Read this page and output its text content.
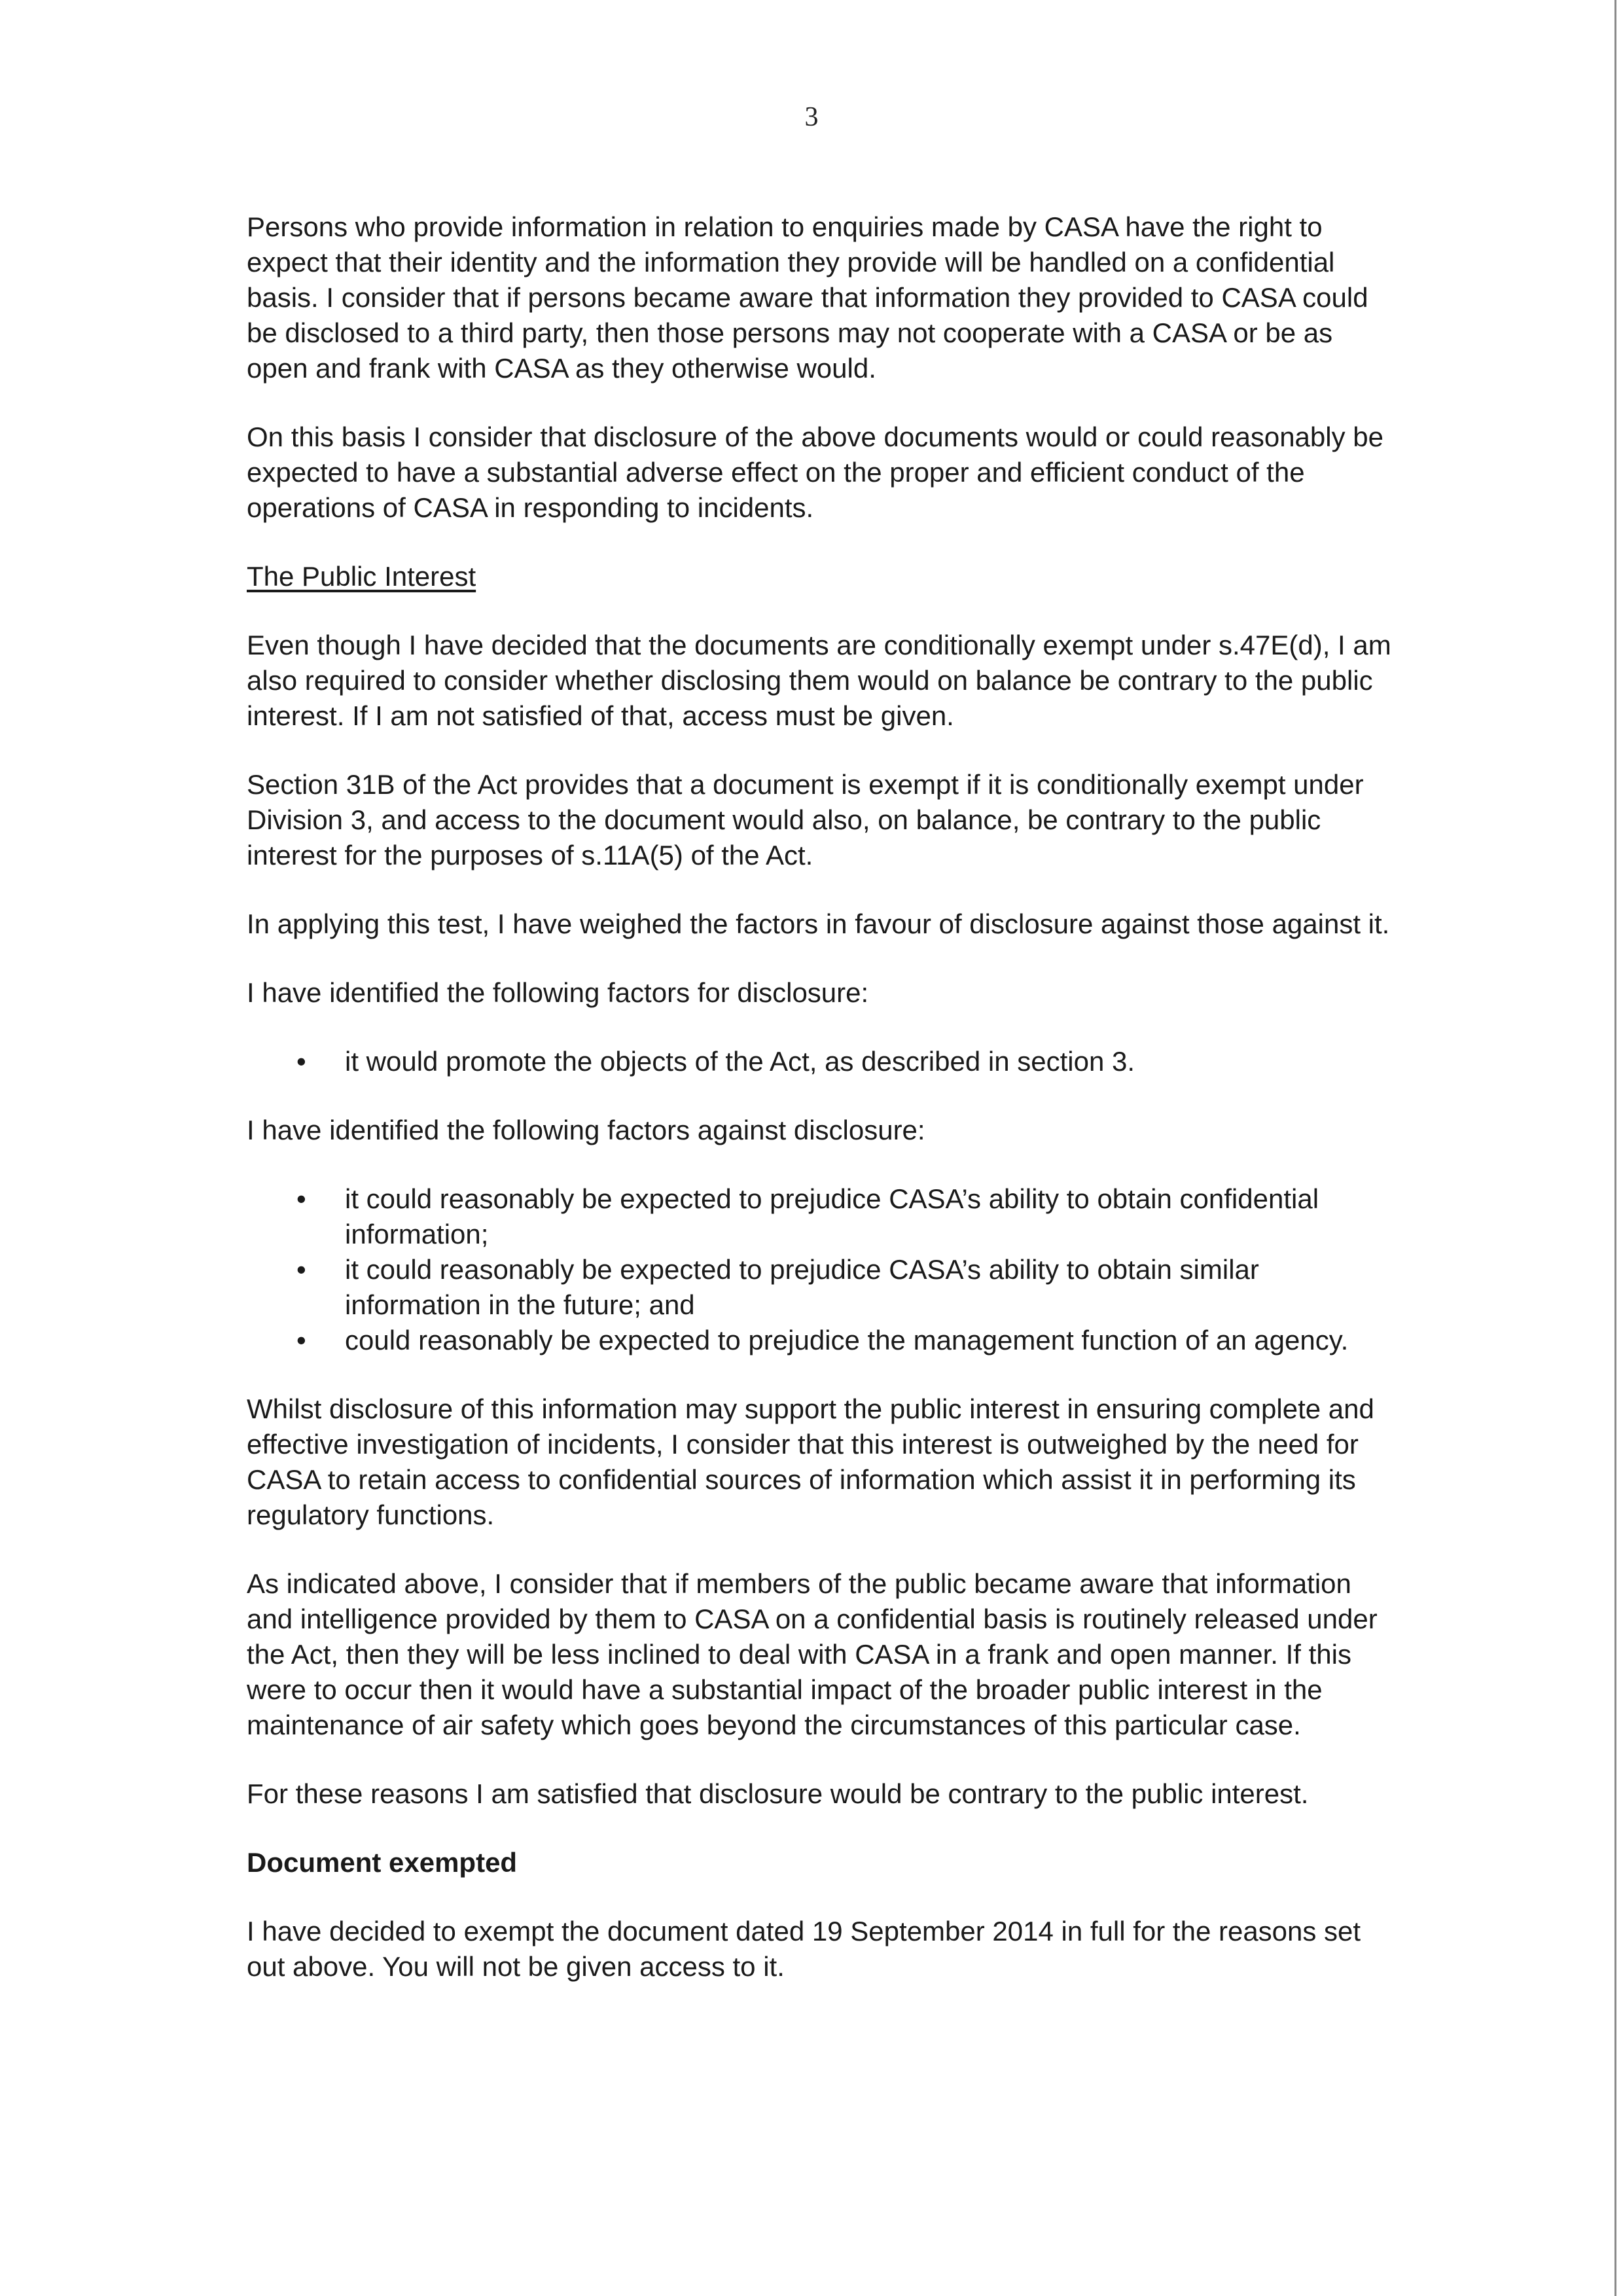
3

Persons who provide information in relation to enquiries made by CASA have the right to expect that their identity and the information they provide will be handled on a confidential basis. I consider that if persons became aware that information they provided to CASA could be disclosed to a third party, then those persons may not cooperate with a CASA or be as open and frank with CASA as they otherwise would.

On this basis I consider that disclosure of the above documents would or could reasonably be expected to have a substantial adverse effect on the proper and efficient conduct of the operations of CASA in responding to incidents.

The Public Interest

Even though I have decided that the documents are conditionally exempt under s.47E(d), I am also required to consider whether disclosing them would on balance be contrary to the public interest. If I am not satisfied of that, access must be given.

Section 31B of the Act provides that a document is exempt if it is conditionally exempt under Division 3, and access to the document would also, on balance, be contrary to the public interest for the purposes of s.11A(5) of the Act.

In applying this test, I have weighed the factors in favour of disclosure against those against it.

I have identified the following factors for disclosure:

• it would promote the objects of the Act, as described in section 3.

I have identified the following factors against disclosure:

• it could reasonably be expected to prejudice CASA’s ability to obtain confidential information;
• it could reasonably be expected to prejudice CASA’s ability to obtain similar information in the future; and
• could reasonably be expected to prejudice the management function of an agency.

Whilst disclosure of this information may support the public interest in ensuring complete and effective investigation of incidents, I consider that this interest is outweighed by the need for CASA to retain access to confidential sources of information which assist it in performing its regulatory functions.

As indicated above, I consider that if members of the public became aware that information and intelligence provided by them to CASA on a confidential basis is routinely released under the Act, then they will be less inclined to deal with CASA in a frank and open manner. If this were to occur then it would have a substantial impact of the broader public interest in the maintenance of air safety which goes beyond the circumstances of this particular case.

For these reasons I am satisfied that disclosure would be contrary to the public interest.

Document exempted

I have decided to exempt the document dated 19 September 2014 in full for the reasons set out above. You will not be given access to it.
